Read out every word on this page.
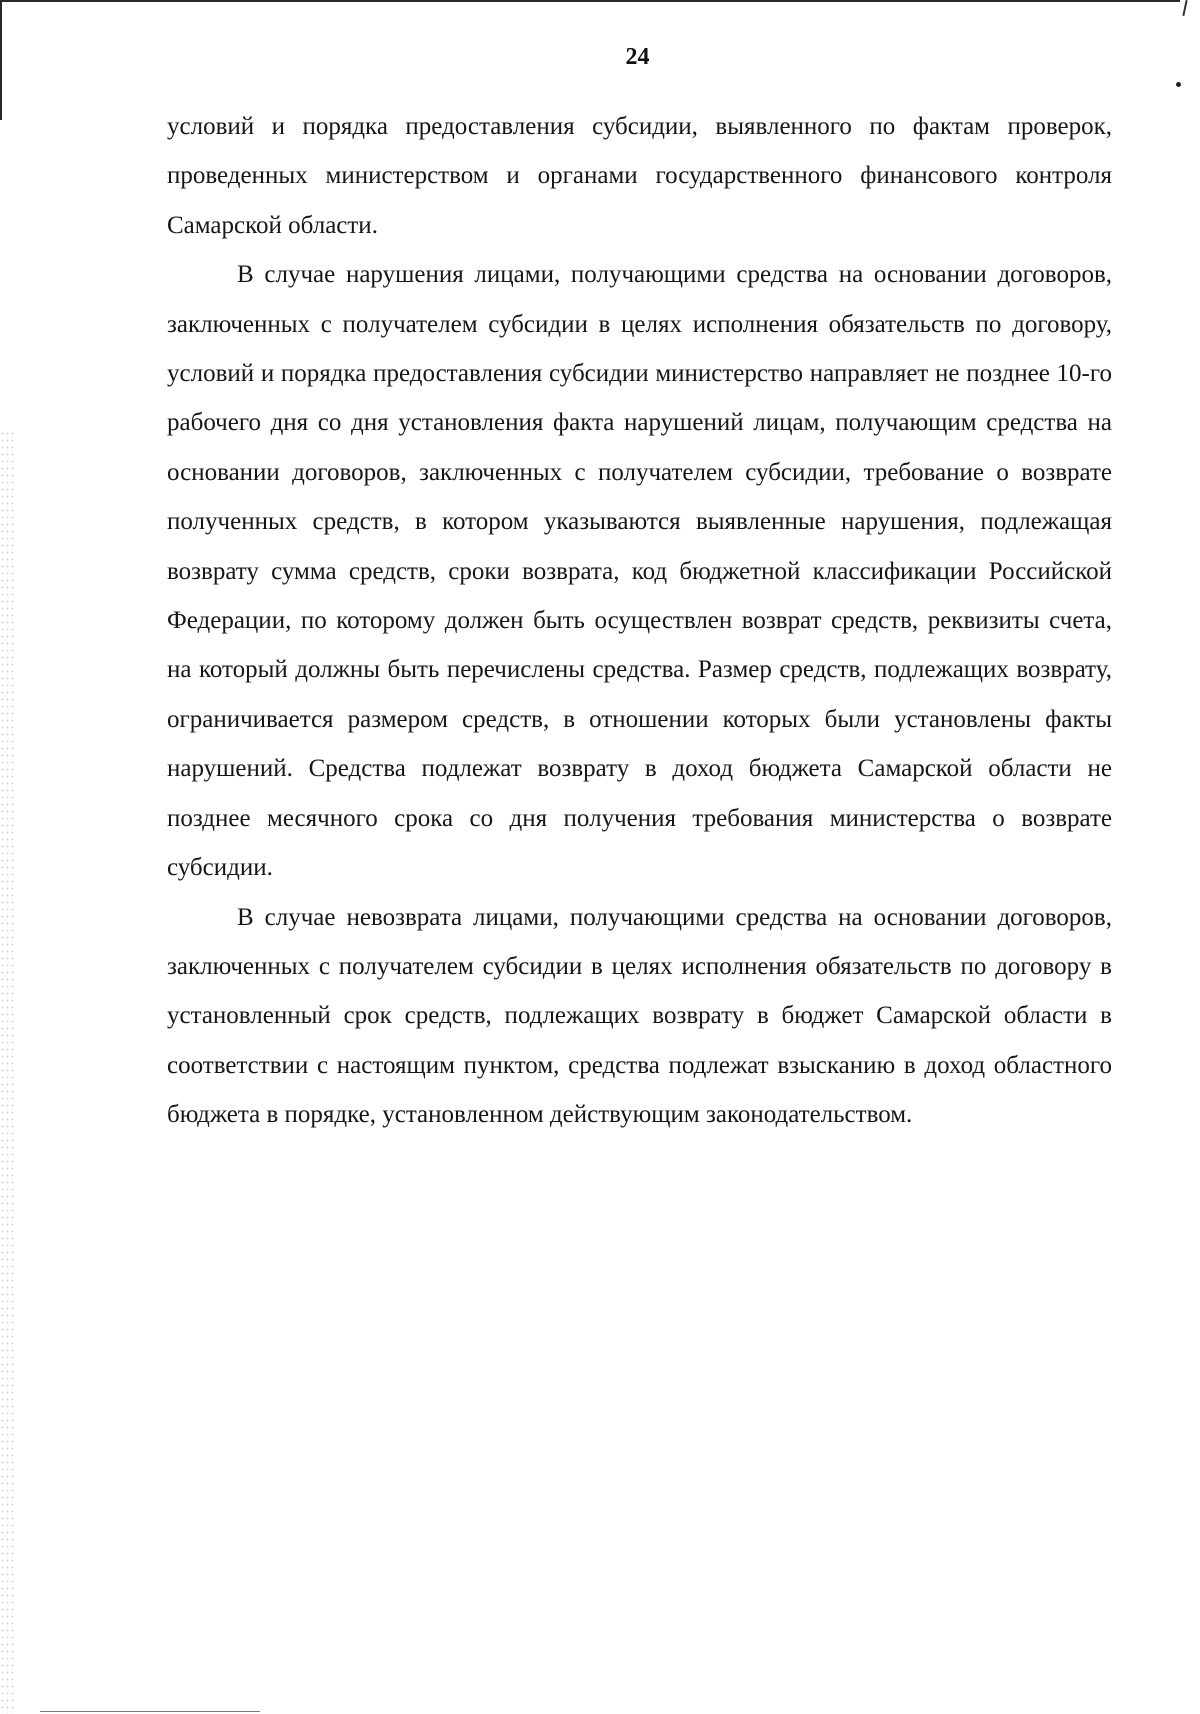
24

условий и порядка предоставления субсидии, выявленного по фактам проверок, проведенных министерством и органами государственного финансового контроля Самарской области.

В случае нарушения лицами, получающими средства на основании договоров, заключенных с получателем субсидии в целях исполнения обязательств по договору, условий и порядка предоставления субсидии министерство направляет не позднее 10-го рабочего дня со дня установления факта нарушений лицам, получающим средства на основании договоров, заключенных с получателем субсидии, требование о возврате полученных средств, в котором указываются выявленные нарушения, подлежащая возврату сумма средств, сроки возврата, код бюджетной классификации Российской Федерации, по которому должен быть осуществлен возврат средств, реквизиты счета, на который должны быть перечислены средства. Размер средств, подлежащих возврату, ограничивается размером средств, в отношении которых были установлены факты нарушений. Средства подлежат возврату в доход бюджета Самарской области не позднее месячного срока со дня получения требования министерства о возврате субсидии.

В случае невозврата лицами, получающими средства на основании договоров, заключенных с получателем субсидии в целях исполнения обязательств по договору в установленный срок средств, подлежащих возврату в бюджет Самарской области в соответствии с настоящим пунктом, средства подлежат взысканию в доход областного бюджета в порядке, установленном действующим законодательством.
